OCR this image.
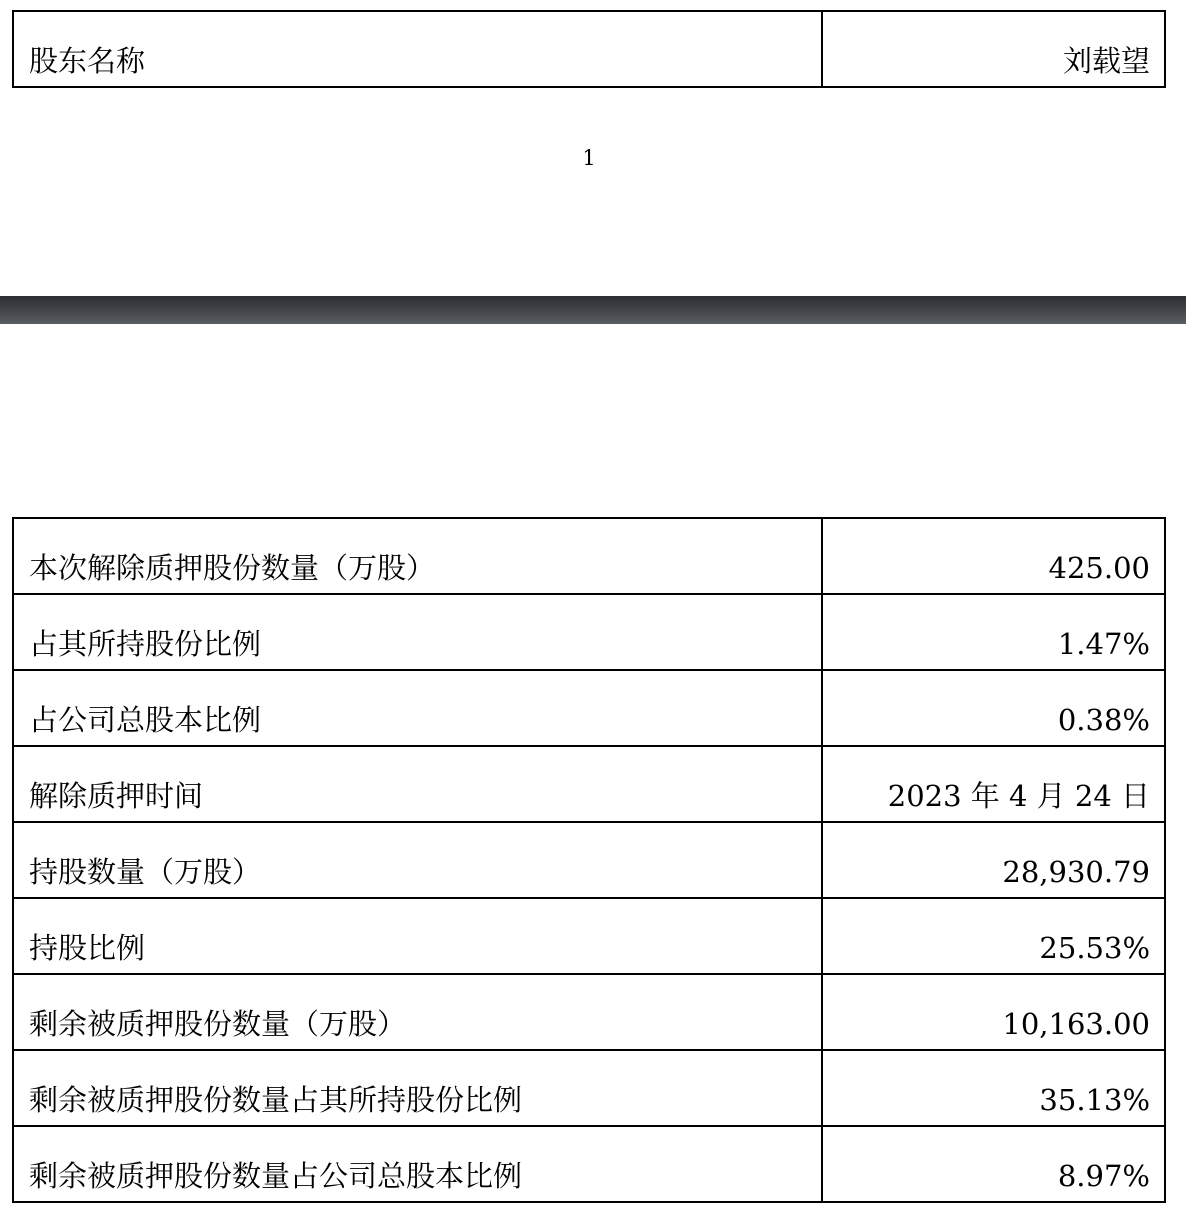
股东名称	刘载望
1
本次解除质押股份数量（万股）	425.00
占其所持股份比例	1.47%
占公司总股本比例	0.38%
解除质押时间	2023 年 4 月 24 日
持股数量（万股）	28,930.79
持股比例	25.53%
剩余被质押股份数量（万股）	10,163.00
剩余被质押股份数量占其所持股份比例	35.13%
剩余被质押股份数量占公司总股本比例	8.97%
